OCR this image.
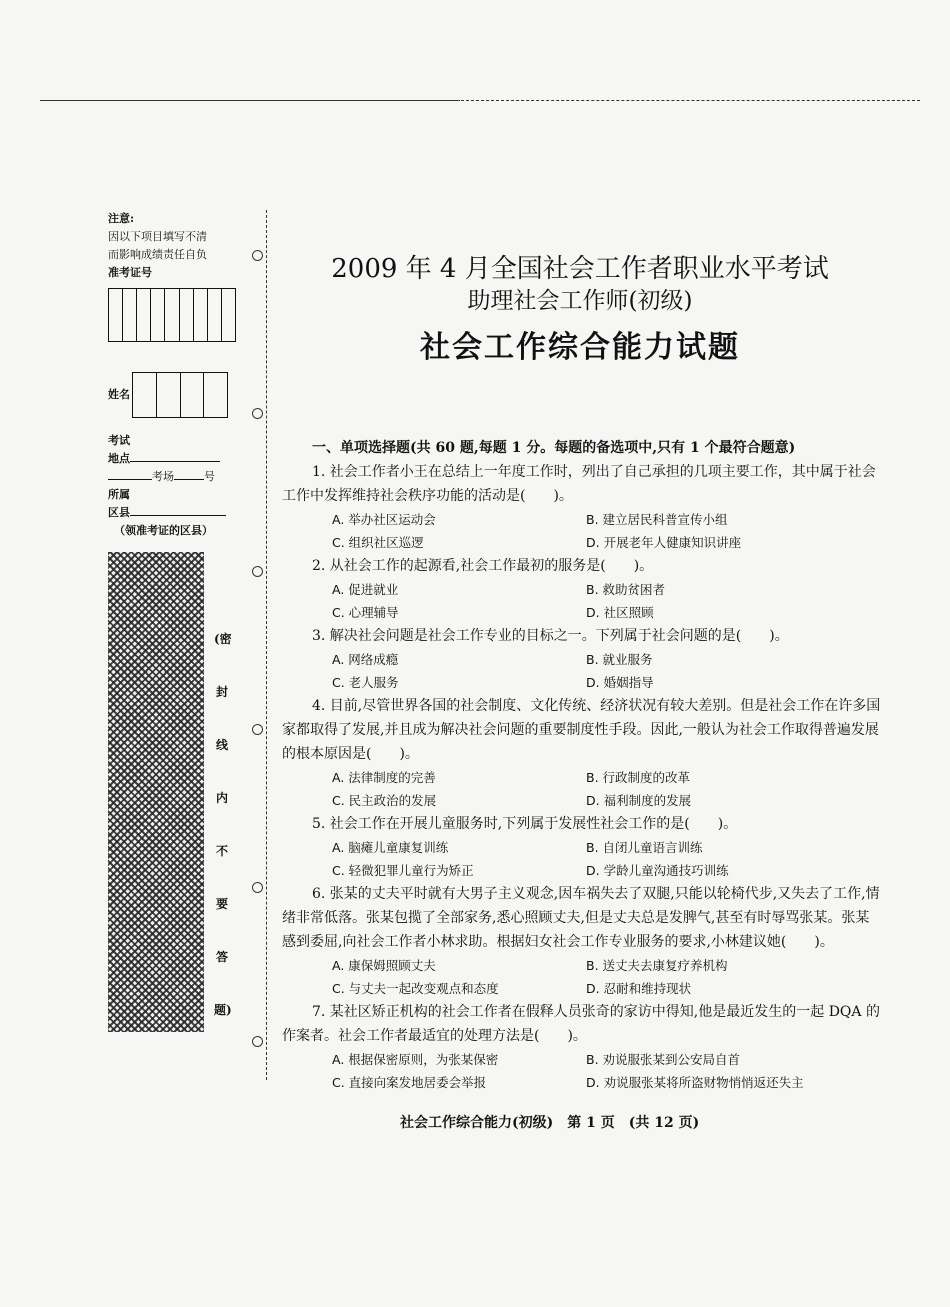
注意:
因以下项目填写不清
而影响成绩责任自负
准考证号
姓名
考试
地点
考场	号
所属
区县
（领准考证的区县）
(密
封
线
内
不
要
答
题)
2009 年 4 月全国社会工作者职业水平考试
助理社会工作师(初级)
社会工作综合能力试题
一、单项选择题(共 60 题,每题 1 分。每题的备选项中,只有 1 个最符合题意)
1. 社会工作者小王在总结上一年度工作时，列出了自己承担的几项主要工作，其中属于社会工作中发挥维持社会秩序功能的活动是(　　)。
A. 举办社区运动会	B. 建立居民科普宣传小组
C. 组织社区巡逻	D. 开展老年人健康知识讲座
2. 从社会工作的起源看,社会工作最初的服务是(　　)。
A. 促进就业	B. 救助贫困者
C. 心理辅导	D. 社区照顾
3. 解决社会问题是社会工作专业的目标之一。下列属于社会问题的是(　　)。
A. 网络成瘾	B. 就业服务
C. 老人服务	D. 婚姻指导
4. 目前,尽管世界各国的社会制度、文化传统、经济状况有较大差别。但是社会工作在许多国家都取得了发展,并且成为解决社会问题的重要制度性手段。因此,一般认为社会工作取得普遍发展的根本原因是(　　)。
A. 法律制度的完善	B. 行政制度的改革
C. 民主政治的发展	D. 福利制度的发展
5. 社会工作在开展儿童服务时,下列属于发展性社会工作的是(　　)。
A. 脑瘫儿童康复训练	B. 自闭儿童语言训练
C. 轻微犯罪儿童行为矫正	D. 学龄儿童沟通技巧训练
6. 张某的丈夫平时就有大男子主义观念,因车祸失去了双腿,只能以轮椅代步,又失去了工作,情绪非常低落。张某包揽了全部家务,悉心照顾丈夫,但是丈夫总是发脾气,甚至有时辱骂张某。张某感到委屈,向社会工作者小林求助。根据妇女社会工作专业服务的要求,小林建议她(　　)。
A. 康保姆照顾丈夫	B. 送丈夫去康复疗养机构
C. 与丈夫一起改变观点和态度	D. 忍耐和维持现状
7. 某社区矫正机构的社会工作者在假释人员张奇的家访中得知,他是最近发生的一起 DQA 的作案者。社会工作者最适宜的处理方法是(　　)。
A. 根据保密原则，为张某保密	B. 劝说服张某到公安局自首
C. 直接向案发地居委会举报	D. 劝说服张某将所盗财物悄悄返还失主
社会工作综合能力(初级)　第 1 页　(共 12 页)
